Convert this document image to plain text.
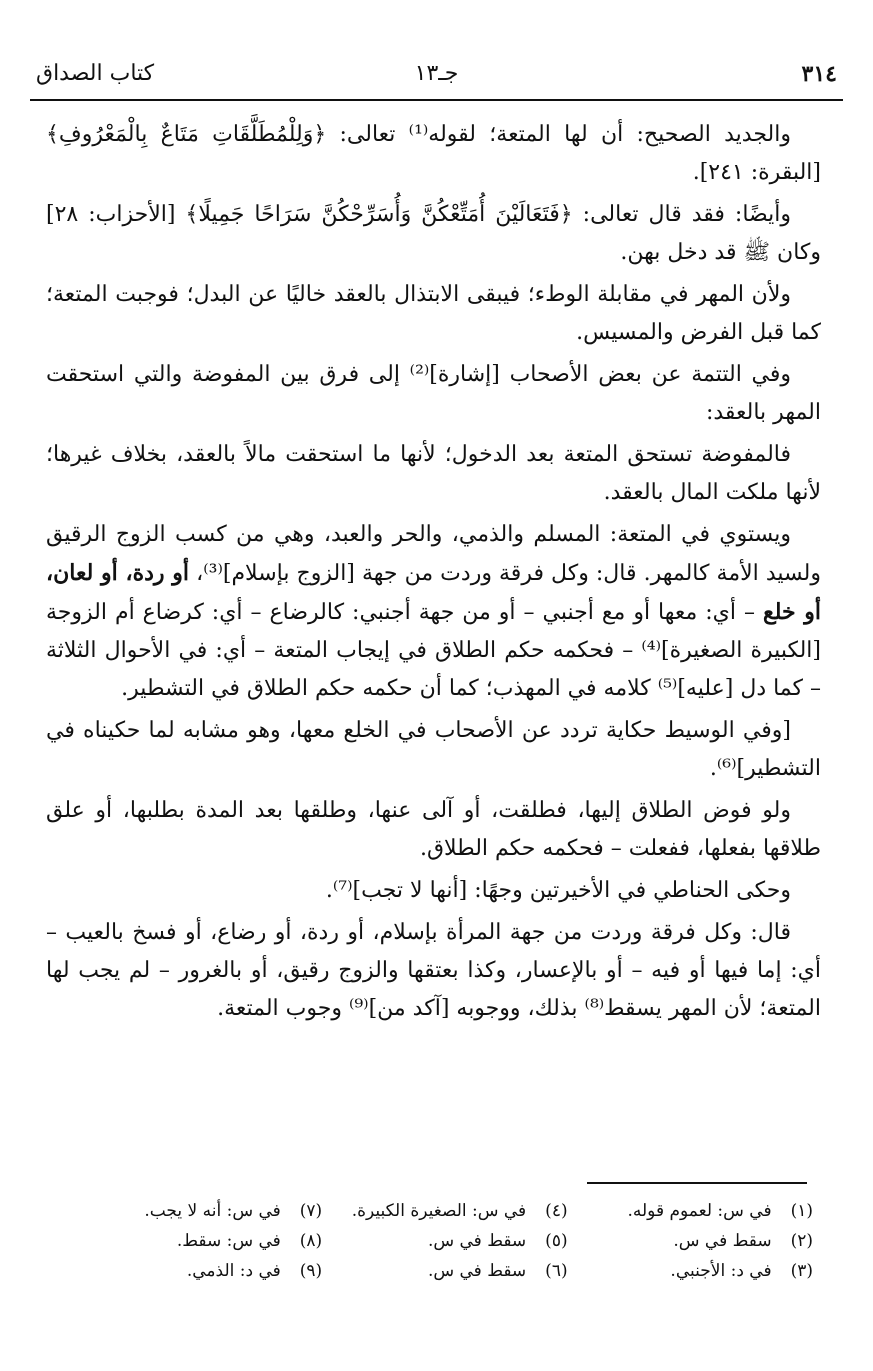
٣١٤
جـ١٣
كتاب الصداق

والجديد الصحيح: أن لها المتعة؛ لقوله⁽¹⁾ تعالى: ﴿وَلِلْمُطَلَّقَاتِ مَتَاعٌ بِالْمَعْرُوفِ﴾ [البقرة: ٢٤١].

وأيضًا: فقد قال تعالى: ﴿فَتَعَالَيْنَ أُمَتِّعْكُنَّ وَأُسَرِّحْكُنَّ سَرَاحًا جَمِيلًا﴾ [الأحزاب: ٢٨] وكان ﷺ قد دخل بهن.

ولأن المهر في مقابلة الوطء؛ فيبقى الابتذال بالعقد خاليًا عن البدل؛ فوجبت المتعة؛ كما قبل الفرض والمسيس.

وفي التتمة عن بعض الأصحاب [إشارة]⁽²⁾ إلى فرق بين المفوضة والتي استحقت المهر بالعقد:

فالمفوضة تستحق المتعة بعد الدخول؛ لأنها ما استحقت مالاً بالعقد، بخلاف غيرها؛ لأنها ملكت المال بالعقد.

ويستوي في المتعة: المسلم والذمي، والحر والعبد، وهي من كسب الزوج الرقيق ولسيد الأمة كالمهر. قال: وكل فرقة وردت من جهة [الزوج بإسلام]⁽³⁾، أو ردة، أو لعان، أو خلع – أي: معها أو مع أجنبي – أو من جهة أجنبي: كالرضاع – أي: كرضاع أم الزوجة [الكبيرة الصغيرة]⁽⁴⁾ – فحكمه حكم الطلاق في إيجاب المتعة – أي: في الأحوال الثلاثة – كما دل [عليه]⁽⁵⁾ كلامه في المهذب؛ كما أن حكمه حكم الطلاق في التشطير.

[وفي الوسيط حكاية تردد عن الأصحاب في الخلع معها، وهو مشابه لما حكيناه في التشطير]⁽⁶⁾.

ولو فوض الطلاق إليها، فطلقت، أو آلى عنها، وطلقها بعد المدة بطلبها، أو علق طلاقها بفعلها، ففعلت – فحكمه حكم الطلاق.

وحكى الحناطي في الأخيرتين وجهًا: [أنها لا تجب]⁽⁷⁾.

قال: وكل فرقة وردت من جهة المرأة بإسلام، أو ردة، أو رضاع، أو فسخ بالعيب – أي: إما فيها أو فيه – أو بالإعسار، وكذا بعتقها والزوج رقيق، أو بالغرور – لم يجب لها المتعة؛ لأن المهر يسقط⁽⁸⁾ بذلك، ووجوبه [آكد من]⁽⁹⁾ وجوب المتعة.

(١) في س: لعموم قوله.
(٤) في س: الصغيرة الكبيرة.
(٧) في س: أنه لا يجب.
(٢) سقط في س.
(٥) سقط في س.
(٨) في س: سقط.
(٣) في د: الأجنبي.
(٦) سقط في س.
(٩) في د: الذمي.
